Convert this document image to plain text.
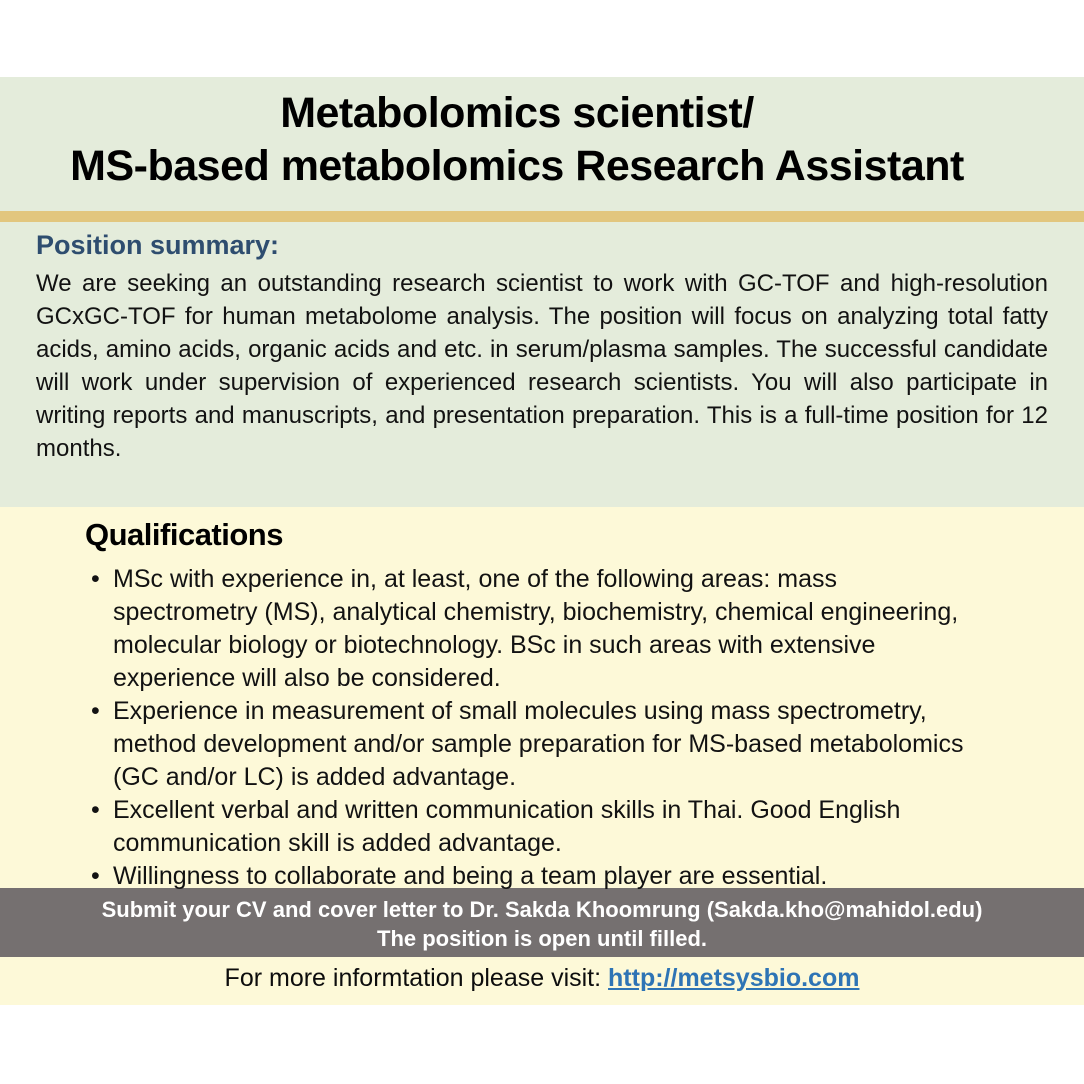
Metabolomics scientist/
MS-based metabolomics Research Assistant
Position summary:

We are seeking an outstanding research scientist to work with GC-TOF and high-resolution GCxGC-TOF for human metabolome analysis. The position will focus on analyzing total fatty acids, amino acids, organic acids and etc. in serum/plasma samples. The successful candidate will work under supervision of experienced research scientists. You will also participate in writing reports and manuscripts, and presentation preparation. This is a full-time position for 12 months.

Qualifications
• MSc with experience in, at least, one of the following areas: mass spectrometry (MS), analytical chemistry, biochemistry, chemical engineering, molecular biology or biotechnology. BSc in such areas with extensive experience will also be considered.
• Experience in measurement of small molecules using mass spectrometry, method development and/or sample preparation for MS-based metabolomics (GC and/or LC) is added advantage.
• Excellent verbal and written communication skills in Thai. Good English communication skill is added advantage.
• Willingness to collaborate and being a team player are essential.
Submit your CV and cover letter to Dr. Sakda Khoomrung (Sakda.kho@mahidol.edu)
The position is open until filled.
For more informtation please visit: http://metsysbio.com
